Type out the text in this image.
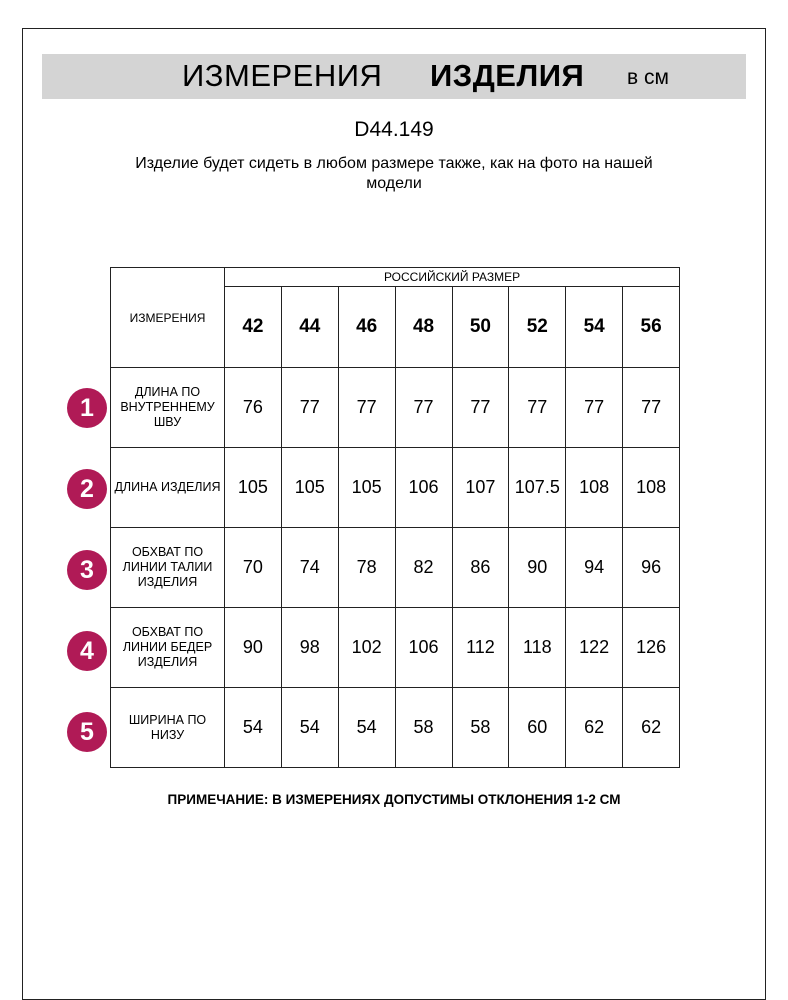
ИЗМЕРЕНИЯ ИЗДЕЛИЯ в см
D44.149
Изделие будет сидеть в любом размере также, как на фото на нашей модели
ИЗМЕРЕНИЯ	РОССИЙСКИЙ РАЗМЕР							
	42	44	46	48	50	52	54	56
ДЛИНА ПО ВНУТРЕННЕМУ ШВУ	76	77	77	77	77	77	77	77
ДЛИНА ИЗДЕЛИЯ	105	105	105	106	107	107.5	108	108
ОБХВАТ ПО ЛИНИИ ТАЛИИ ИЗДЕЛИЯ	70	74	78	82	86	90	94	96
ОБХВАТ ПО ЛИНИИ БЕДЕР ИЗДЕЛИЯ	90	98	102	106	112	118	122	126
ШИРИНА ПО НИЗУ	54	54	54	58	58	60	62	62
1
2
3
4
5
ПРИМЕЧАНИЕ: В ИЗМЕРЕНИЯХ ДОПУСТИМЫ ОТКЛОНЕНИЯ 1-2 СМ
